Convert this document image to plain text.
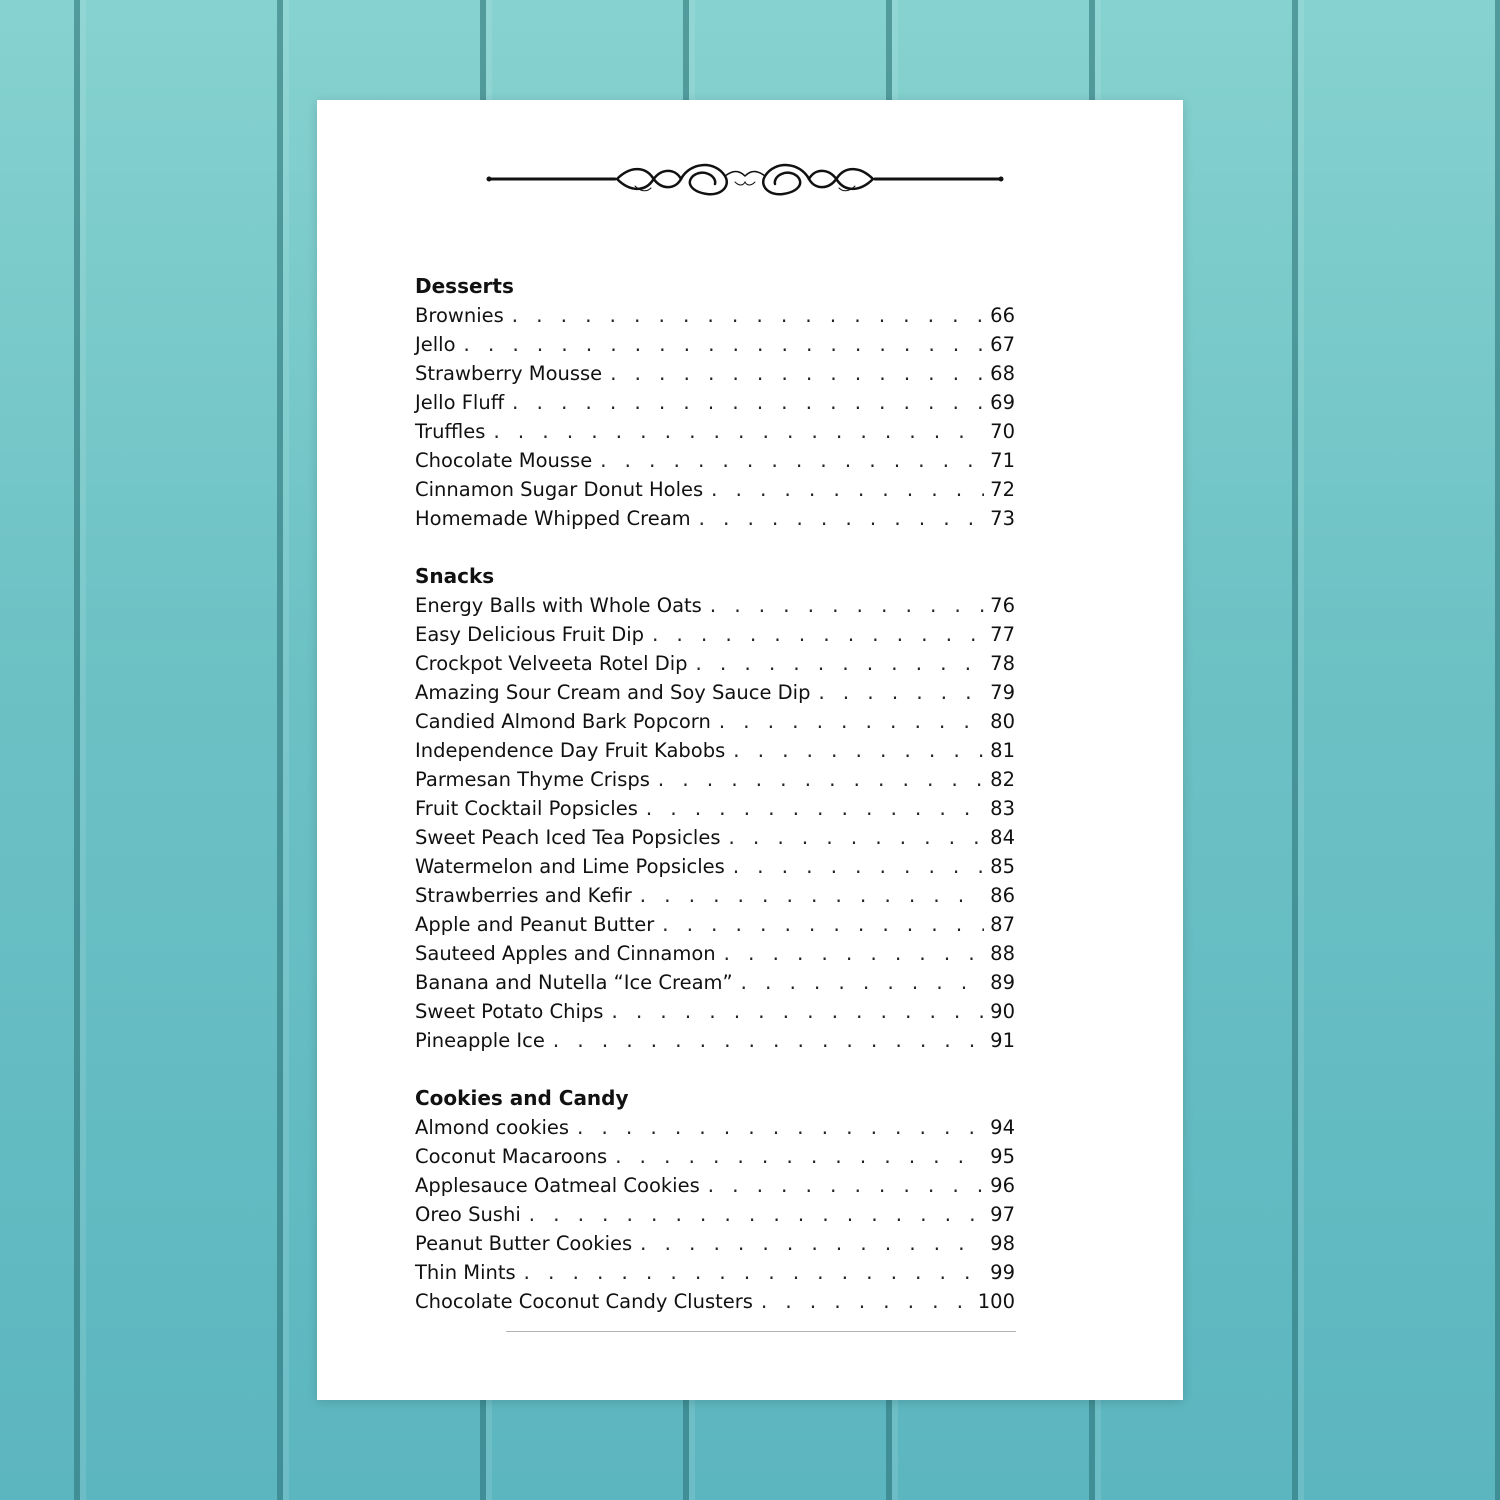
Desserts
Brownies . . .	66
Jello . . .	67
Strawberry Mousse . . .	68
Jello Fluff . . .	69
Truffles . . .	70
Chocolate Mousse . . .	71
Cinnamon Sugar Donut Holes . . .	72
Homemade Whipped Cream . . .	73
Snacks
Energy Balls with Whole Oats . . .	76
Easy Delicious Fruit Dip . . .	77
Crockpot Velveeta Rotel Dip . . .	78
Amazing Sour Cream and Soy Sauce Dip . . .	79
Candied Almond Bark Popcorn . . .	80
Independence Day Fruit Kabobs . . .	81
Parmesan Thyme Crisps . . .	82
Fruit Cocktail Popsicles . . .	83
Sweet Peach Iced Tea Popsicles . . .	84
Watermelon and Lime Popsicles . . .	85
Strawberries and Kefir . . .	86
Apple and Peanut Butter . . .	87
Sauteed Apples and Cinnamon . . .	88
Banana and Nutella “Ice Cream” . . .	89
Sweet Potato Chips . . .	90
Pineapple Ice . . .	91
Cookies and Candy
Almond cookies . . .	94
Coconut Macaroons . . .	95
Applesauce Oatmeal Cookies . . .	96
Oreo Sushi . . .	97
Peanut Butter Cookies . . .	98
Thin Mints . . .	99
Chocolate Coconut Candy Clusters . . .	100
